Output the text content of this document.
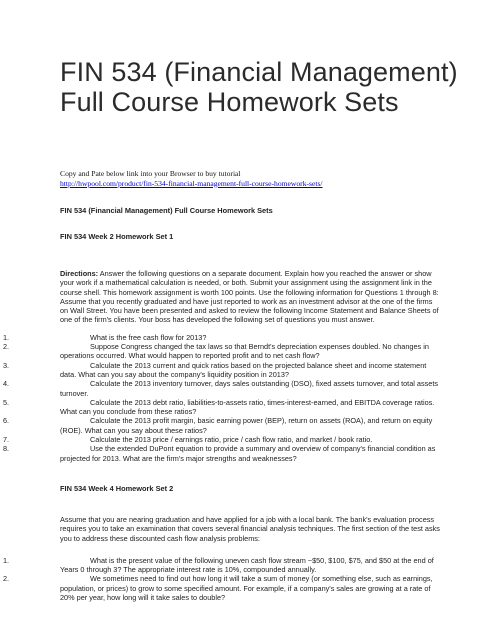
FIN 534 (Financial Management) Full Course Homework Sets
Copy and Pate below link into your Browser to buy tutorial
http://hwpool.com/product/fin-534-financial-management-full-course-homework-sets/
FIN 534 (Financial Management) Full Course Homework Sets
FIN 534 Week 2 Homework Set 1
Directions: Answer the following questions on a separate document. Explain how you reached the answer or show your work if a mathematical calculation is needed, or both. Submit your assignment using the assignment link in the course shell. This homework assignment is worth 100 points. Use the following information for Questions 1 through 8: Assume that you recently graduated and have just reported to work as an investment advisor at the one of the firms on Wall Street. You have been presented and asked to review the following Income Statement and Balance Sheets of one of the firm's clients. Your boss has developed the following set of questions you must answer.
1.	What is the free cash flow for 2013?
2.	Suppose Congress changed the tax laws so that Berndt's depreciation expenses doubled. No changes in operations occurred. What would happen to reported profit and to net cash flow?
3.	Calculate the 2013 current and quick ratios based on the projected balance sheet and income statement data. What can you say about the company's liquidity position in 2013?
4.	Calculate the 2013 inventory turnover, days sales outstanding (DSO), fixed assets turnover, and total assets turnover.
5.	Calculate the 2013 debt ratio, liabilities-to-assets ratio, times-interest-earned, and EBITDA coverage ratios. What can you conclude from these ratios?
6.	Calculate the 2013 profit margin, basic earning power (BEP), return on assets (ROA), and return on equity (ROE). What can you say about these ratios?
7.	Calculate the 2013 price / earnings ratio, price / cash flow ratio, and market / book ratio.
8.	Use the extended DuPont equation to provide a summary and overview of company's financial condition as projected for 2013. What are the firm's major strengths and weaknesses?
FIN 534 Week 4 Homework Set 2
Assume that you are nearing graduation and have applied for a job with a local bank. The bank's evaluation process requires you to take an examination that covers several financial analysis techniques. The first section of the test asks you to address these discounted cash flow analysis problems:
1.	What is the present value of the following uneven cash flow stream −$50, $100, $75, and $50 at the end of Years 0 through 3? The appropriate interest rate is 10%, compounded annually.
2.	We sometimes need to find out how long it will take a sum of money (or something else, such as earnings, population, or prices) to grow to some specified amount. For example, if a company's sales are growing at a rate of 20% per year, how long will it take sales to double?
